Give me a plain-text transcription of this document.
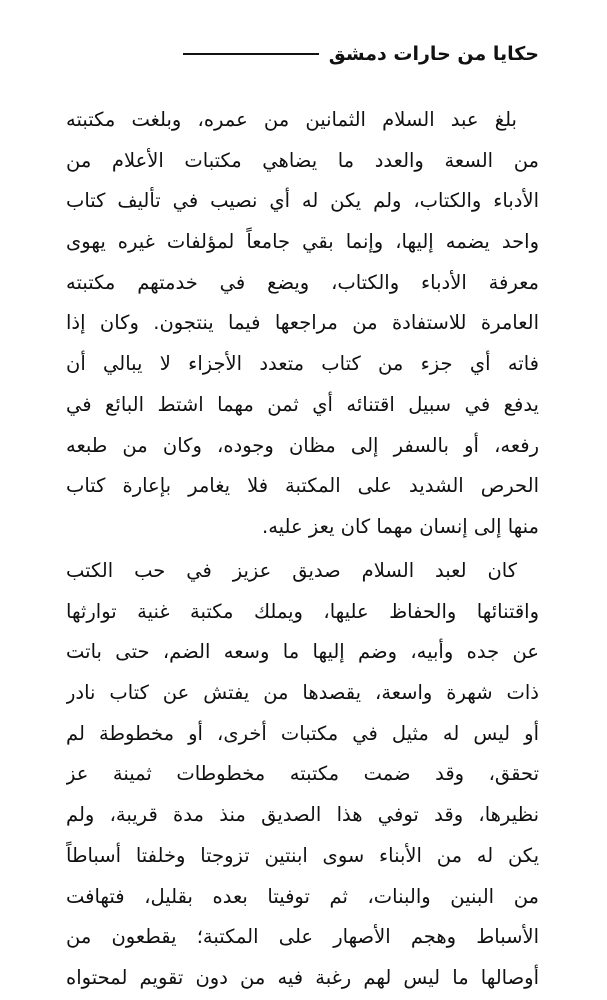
حكايا من حارات دمشق
بلغ عبد السلام الثمانين من عمره، وبلغت مكتبته
من السعة والعدد ما يضاهي مكتبات الأعلام من
الأدباء والكتاب، ولم يكن له أي نصيب في تأليف كتاب
واحد يضمه إليها، وإنما بقي جامعاً لمؤلفات غيره يهوى
معرفة الأدباء والكتاب، ويضع في خدمتهم مكتبته
العامرة للاستفادة من مراجعها فيما ينتجون. وكان إذا
فاته أي جزء من كتاب متعدد الأجزاء لا يبالي أن
يدفع في سبيل اقتنائه أي ثمن مهما اشتط البائع في
رفعه، أو بالسفر إلى مظان وجوده، وكان من طبعه
الحرص الشديد على المكتبة فلا يغامر بإعارة كتاب
منها إلى إنسان مهما كان يعز عليه.
كان لعبد السلام صديق عزيز في حب الكتب
واقتنائها والحفاظ عليها، ويملك مكتبة غنية توارثها
عن جده وأبيه، وضم إليها ما وسعه الضم، حتى باتت
ذات شهرة واسعة، يقصدها من يفتش عن كتاب نادر
أو ليس له مثيل في مكتبات أخرى، أو مخطوطة لم
تحقق، وقد ضمت مكتبته مخطوطات ثمينة عز
نظيرها، وقد توفي هذا الصديق منذ مدة قريبة، ولم
يكن له من الأبناء سوى ابنتين تزوجتا وخلفتا أسباطاً
من البنين والبنات، ثم توفيتا بعده بقليل، فتهافت
الأسباط وهجم الأصهار على المكتبة؛ يقطعون من
أوصالها ما ليس لهم رغبة فيه من دون تقويم لمحتواه
